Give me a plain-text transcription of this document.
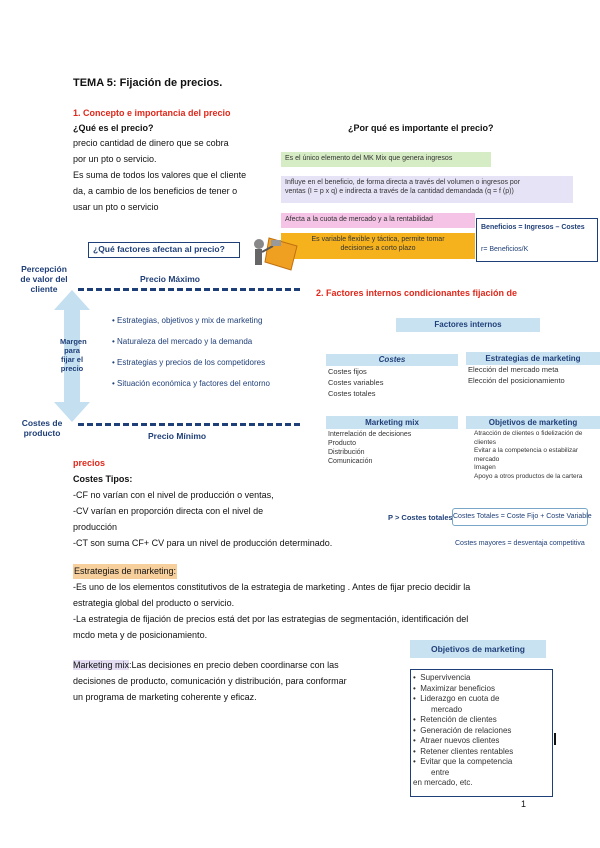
TEMA 5: Fijación de precios.
1. Concepto e importancia del precio
¿Qué es el precio?
precio cantidad de dinero que se cobra
por un pto o servicio.
Es suma de todos los valores que el cliente
da, a cambio de los beneficios de tener o
usar un pto o servicio
¿Por qué es importante el precio?
Es el único elemento del MK Mix que genera ingresos
Influye en el beneficio, de forma directa a través del volumen o ingresos por
ventas (I = p x q) e indirecta a través de la cantidad demandada (q = f (p))
Afecta a la cuota de mercado y a la rentabilidad
Es variable flexible y táctica, permite tomar
decisiones a corto plazo
Beneficios = Ingresos – Costes
r= Beneficios/K
¿Qué factores afectan al precio?
Percepción
de valor del
cliente
Precio Máximo
Margen
para
fijar el
precio
• Estrategias, objetivos y mix de marketing
• Naturaleza del mercado y la demanda
• Estrategias y precios de los competidores
• Situación económica y factores del entorno
Costes de
producto	Precio Mínimo
2. Factores internos condicionantes fijación de
precios
Factores internos
Costes
Costes fijos
Costes variables
Costes totales
Estrategias de marketing
Elección del mercado meta
Elección del posicionamiento
Marketing mix
Interrelación de decisiones
Producto
Distribución
Comunicación
Objetivos de marketing
Atracción de clientes o fidelización de
clientes
Evitar a la competencia o estabilizar
mercado
Imagen
Apoyo a otros productos de la cartera
Costes Tipos:
-CF no varían con el nivel de producción o ventas,
-CV varían en proporción directa con el nivel de
producción
-CT son suma CF+ CV para un nivel de producción determinado.
P > Costes totales Costes Totales = Coste Fijo + Coste Variable
Costes mayores = desventaja competitiva
Estrategias de marketing:
-Es uno de los elementos constitutivos de la estrategia de marketing . Antes de fijar precio decidir la
estrategia global del producto o servicio.
-La estrategia de fijación de precios está det por las estrategias de segmentación, identificación del
mcdo meta y de posicionamiento.
Marketing mix:Las decisiones en precio deben coordinarse con las
decisiones de producto, comunicación y distribución, para conformar
un programa de marketing coherente y eficaz.
Objetivos de marketing
•  Supervivencia
•  Maximizar beneficios
•  Liderazgo en cuota de
mercado
•  Retención de clientes
•  Generación de relaciones
•  Atraer nuevos clientes
•  Retener clientes rentables
•  Evitar que la competencia
entre
en mercado, etc.
1
